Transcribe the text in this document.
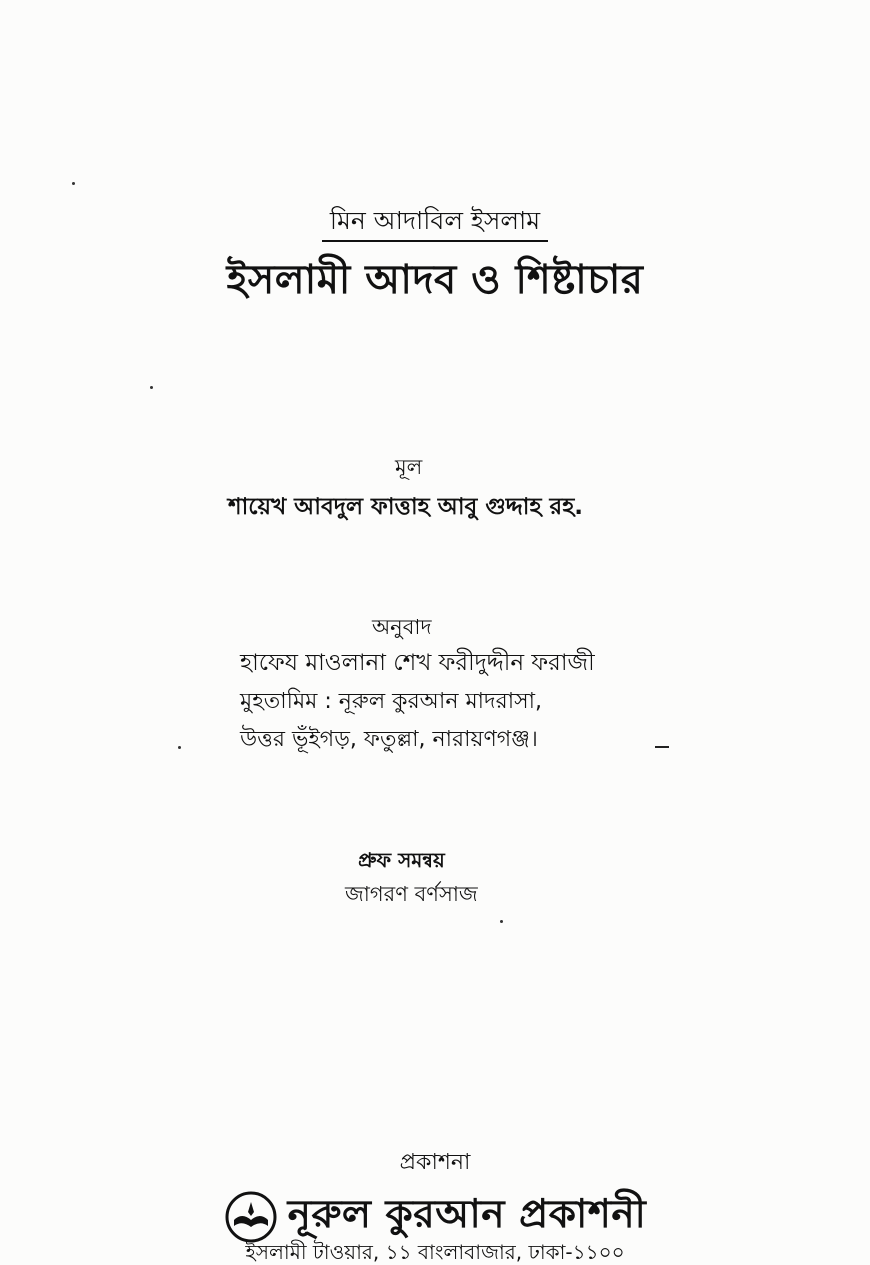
মিন আদাবিল ইসলাম
ইসলামী আদব ও শিষ্টাচার
মূল
শায়েখ আবদুল ফাত্তাহ আবু গুদ্দাহ রহ.
অনুবাদ
হাফেয মাওলানা শেখ ফরীদুদ্দীন ফরাজী
মুহতামিম : নূরুল কুরআন মাদরাসা,
উত্তর ভূঁইগড়, ফতুল্লা, নারায়ণগঞ্জ।
প্রুফ সমন্বয়
জাগরণ বর্ণসাজ
প্রকাশনা
নূরুল কুরআন প্রকাশনী
ইসলামী টাওয়ার, ১১ বাংলাবাজার, ঢাকা-১১০০
